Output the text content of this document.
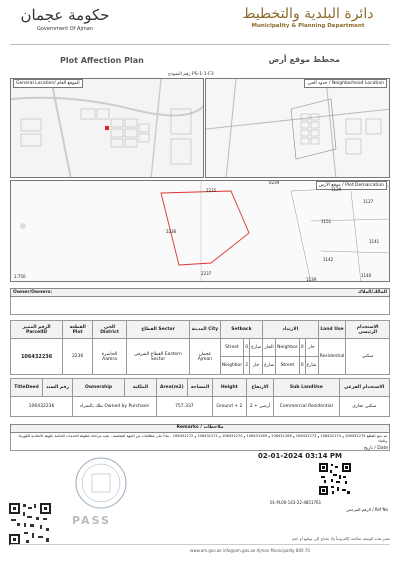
حكومة عجمان
Government Of Ajman
دائرة البلدية والتخطيط
Municipality & Planning Department
Plot Affection Plan	مخطط موقع أرض
رقم النموذج PS-1-1-F3
General Location/ الموقع العام	حدود الحي / Neighborhood Location
موقع الأرض / Plot Demarcation
0239
2235
2236
2237
1129
1127
1151
1141
1142
1140
1139
1:750
Owner/Owners:	المالك/الملاك
الرقم المميز ParcelID	القطعة Plot	الحي District	القطاع Sector	المدينة City	Setback			الارتداد				Land Use	الاستخدام الرئيسي
106432236	2236	الحاضرة Aamra	القطاع الشرقي Eastern Sector	عجمان Ajman	Street	0	شارع	الجار	Neighbor	0	جار	Residential	سكني
					Neighbor	2	جار	شارع	Street	0	شارع		
TitleDeed	رقم السند	Ownership	الملكية	Area(m2)	المساحة	Height	الارتفاع	Sub LandUse	الاستخدام الفرعي
106432236		ملك بالشراء Owned by Purchase		757.337		Ground + 2	أرضي + 2	Commercial Residential	سكني تجاري
Remarks / ملاحظات
تم دمج القطع 106431275 و 106431274 و 106431273 و 106431268 و 106431269 و 106431270 و 106431271 و 106431272 ، بناءاً على مطالعات من الجهة المختصة ، يجب مراعاة خطوط الخدمات الخاصة بالهيئة الاتحادية للكهرباء والماء
تاريخ / Date
02-01-2024 03:14 PM
01-PL00-143-22-4851761
الرقم المرجعي / Ref No
PASS
تعتبر هذه الوثيقة صالحة إلكترونياً ولا تحتاج إلى توقيع أو ختم
www.am.gov.ae info@am.gov.ae Ajman Municipality 800 70
